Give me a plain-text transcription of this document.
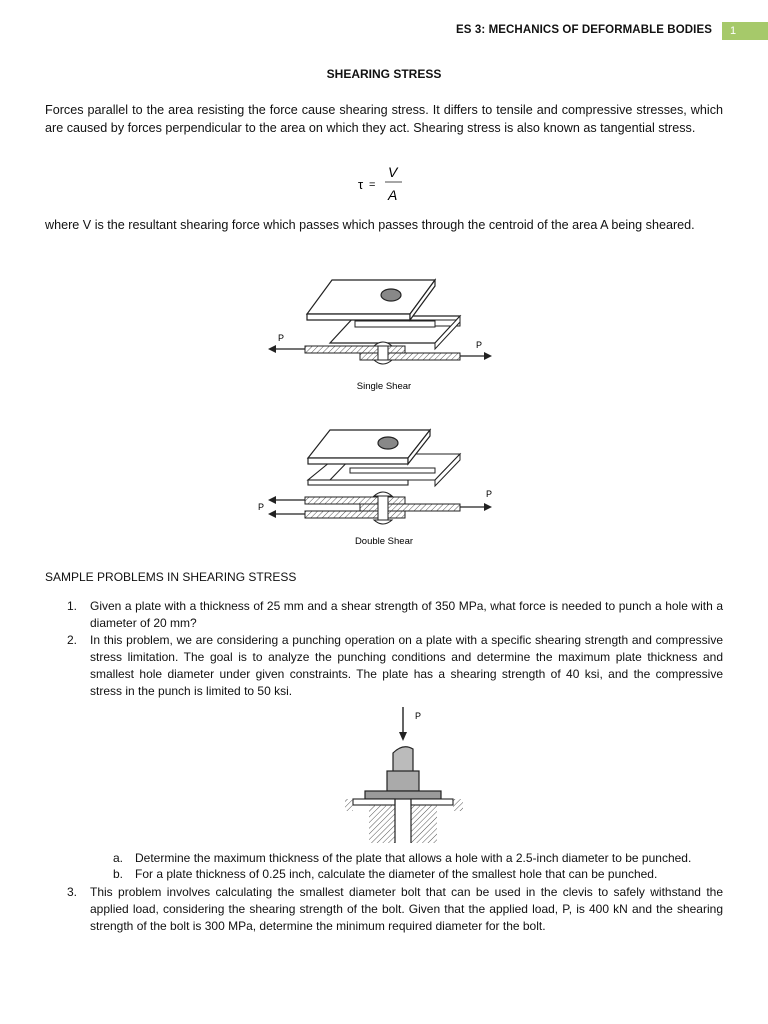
ES 3: MECHANICS OF DEFORMABLE BODIES	1
SHEARING STRESS

Forces parallel to the area resisting the force cause shearing stress. It differs to tensile and compressive stresses, which are caused by forces perpendicular to the area on which they act. Shearing stress is also known as tangential stress.

τ =
V
A

where V is the resultant shearing force which passes which passes through the centroid of the area A being sheared.

P
P
Single Shear
P
P
Double Shear
SAMPLE PROBLEMS IN SHEARING STRESS
1. Given a plate with a thickness of 25 mm and a shear strength of 350 MPa, what force is needed to punch a hole with a diameter of 20 mm?
2. In this problem, we are considering a punching operation on a plate with a specific shearing strength and compressive stress limitation. The goal is to analyze the punching conditions and determine the maximum plate thickness and smallest hole diameter under given constraints. The plate has a shearing strength of 40 ksi, and the compressive stress in the punch is limited to 50 ksi.
P
a. Determine the maximum thickness of the plate that allows a hole with a 2.5-inch diameter to be punched.
b. For a plate thickness of 0.25 inch, calculate the diameter of the smallest hole that can be punched.
3. This problem involves calculating the smallest diameter bolt that can be used in the clevis to safely withstand the applied load, considering the shearing strength of the bolt. Given that the applied load, P, is 400 kN and the shearing strength of the bolt is 300 MPa, determine the minimum required diameter for the bolt.
